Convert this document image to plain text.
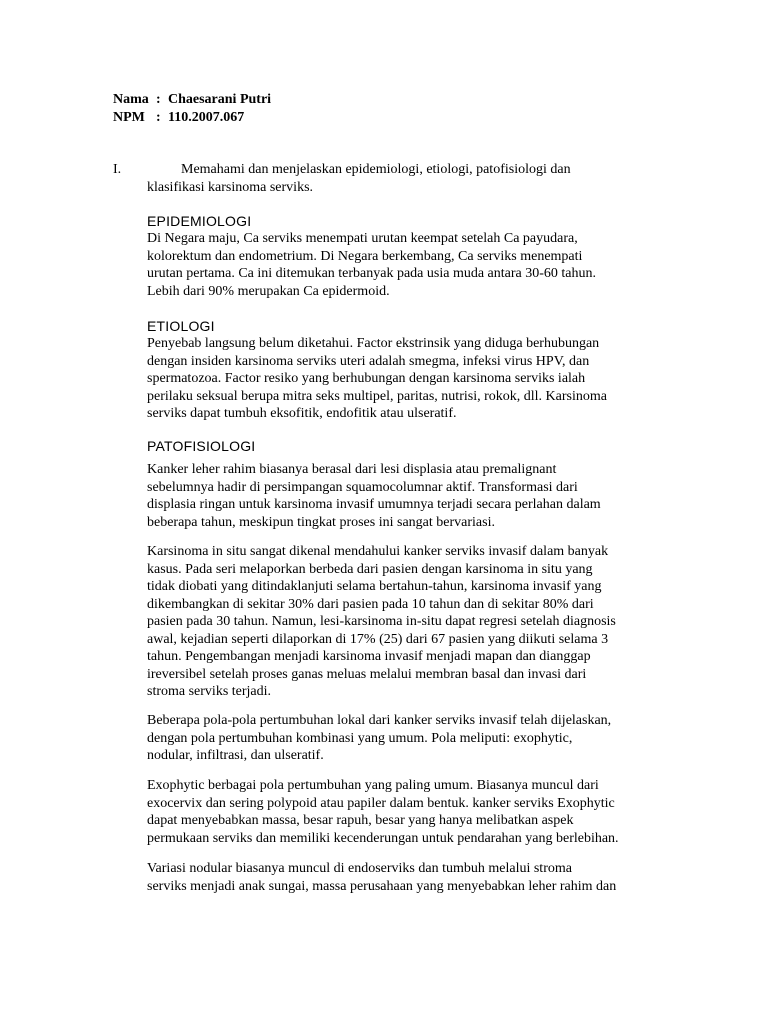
Nama : Chaesarani Putri
NPM : 110.2007.067
I.	Memahami dan menjelaskan epidemiologi, etiologi, patofisiologi dan
klasifikasi karsinoma serviks.
EPIDEMIOLOGI

Di Negara maju, Ca serviks menempati urutan keempat setelah Ca payudara,
kolorektum dan endometrium. Di Negara berkembang, Ca serviks menempati
urutan pertama. Ca ini ditemukan terbanyak pada usia muda antara 30-60 tahun.
Lebih dari 90% merupakan Ca epidermoid.

ETIOLOGI

Penyebab langsung belum diketahui. Factor ekstrinsik yang diduga berhubungan
dengan insiden karsinoma serviks uteri adalah smegma, infeksi virus HPV, dan
spermatozoa. Factor resiko yang berhubungan dengan karsinoma serviks ialah
perilaku seksual berupa mitra seks multipel, paritas, nutrisi, rokok, dll. Karsinoma
serviks dapat tumbuh eksofitik, endofitik atau ulseratif.

PATOFISIOLOGI

Kanker leher rahim biasanya berasal dari lesi displasia atau premalignant
sebelumnya hadir di persimpangan squamocolumnar aktif. Transformasi dari
displasia ringan untuk karsinoma invasif umumnya terjadi secara perlahan dalam
beberapa tahun, meskipun tingkat proses ini sangat bervariasi.

Karsinoma in situ sangat dikenal mendahului kanker serviks invasif dalam banyak
kasus. Pada seri melaporkan berbeda dari pasien dengan karsinoma in situ yang
tidak diobati yang ditindaklanjuti selama bertahun-tahun, karsinoma invasif yang
dikembangkan di sekitar 30% dari pasien pada 10 tahun dan di sekitar 80% dari
pasien pada 30 tahun. Namun, lesi-karsinoma in-situ dapat regresi setelah diagnosis
awal, kejadian seperti dilaporkan di 17% (25) dari 67 pasien yang diikuti selama 3
tahun. Pengembangan menjadi karsinoma invasif menjadi mapan dan dianggap
ireversibel setelah proses ganas meluas melalui membran basal dan invasi dari
stroma serviks terjadi.

Beberapa pola-pola pertumbuhan lokal dari kanker serviks invasif telah dijelaskan,
dengan pola pertumbuhan kombinasi yang umum. Pola meliputi: exophytic,
nodular, infiltrasi, dan ulseratif.

Exophytic berbagai pola pertumbuhan yang paling umum. Biasanya muncul dari
exocervix dan sering polypoid atau papiler dalam bentuk. kanker serviks Exophytic
dapat menyebabkan massa, besar rapuh, besar yang hanya melibatkan aspek
permukaan serviks dan memiliki kecenderungan untuk pendarahan yang berlebihan.

Variasi nodular biasanya muncul di endoserviks dan tumbuh melalui stroma
serviks menjadi anak sungai, massa perusahaan yang menyebabkan leher rahim dan
